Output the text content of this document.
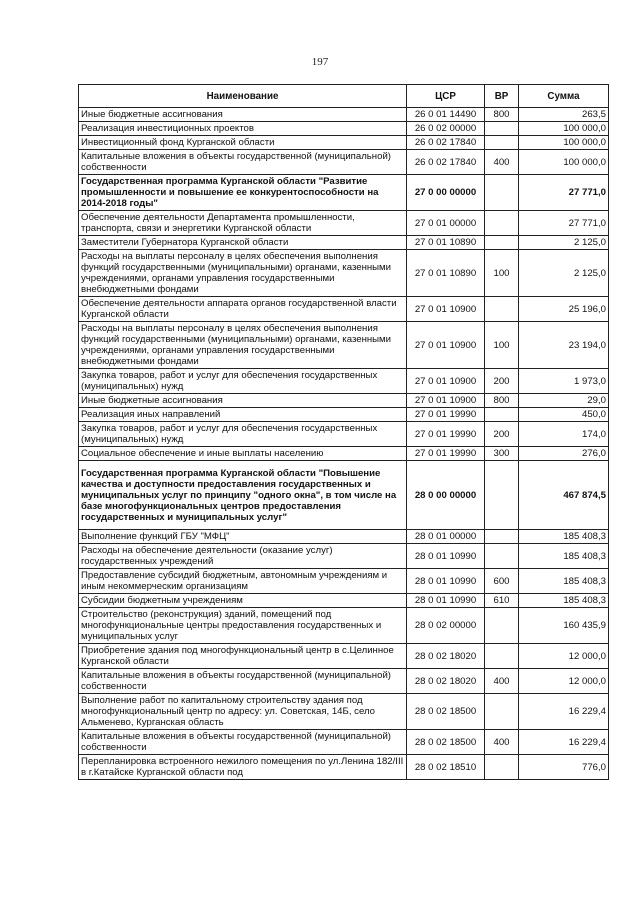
197
Наименование	ЦСР	ВР	Сумма
Иные бюджетные ассигнования	26 0 01 14490	800	263,5
Реализация инвестиционных проектов	26 0 02 00000		100 000,0
Инвестиционный фонд Курганской области	26 0 02 17840		100 000,0
Капитальные вложения в объекты государственной (муниципальной) собственности	26 0 02 17840	400	100 000,0
Государственная программа Курганской области "Развитие промышленности и повышение ее конкурентоспособности на 2014-2018 годы"	27 0 00 00000		27 771,0
Обеспечение деятельности Департамента промышленности, транспорта, связи и энергетики Курганской области	27 0 01 00000		27 771,0
Заместители Губернатора Курганской области	27 0 01 10890		2 125,0
Расходы на выплаты персоналу в целях обеспечения выполнения функций государственными (муниципальными) органами, казенными учреждениями, органами управления государственными внебюджетными фондами	27 0 01 10890	100	2 125,0
Обеспечение деятельности аппарата органов государственной власти Курганской области	27 0 01 10900		25 196,0
Расходы на выплаты персоналу в целях обеспечения выполнения функций государственными (муниципальными) органами, казенными учреждениями, органами управления государственными внебюджетными фондами	27 0 01 10900	100	23 194,0
Закупка товаров, работ и услуг для обеспечения государственных (муниципальных) нужд	27 0 01 10900	200	1 973,0
Иные бюджетные ассигнования	27 0 01 10900	800	29,0
Реализация иных направлений	27 0 01 19990		450,0
Закупка товаров, работ и услуг для обеспечения государственных (муниципальных) нужд	27 0 01 19990	200	174,0
Социальное обеспечение и иные выплаты населению	27 0 01 19990	300	276,0
Государственная программа Курганской области "Повышение качества и доступности предоставления государственных и муниципальных услуг по принципу "одного окна", в том числе на базе многофункциональных центров предоставления государственных и муниципальных услуг"	28 0 00 00000		467 874,5
Выполнение функций ГБУ "МФЦ"	28 0 01 00000		185 408,3
Расходы на обеспечение деятельности (оказание услуг) государственных учреждений	28 0 01 10990		185 408,3
Предоставление субсидий бюджетным, автономным учреждениям и иным некоммерческим организациям	28 0 01 10990	600	185 408,3
Субсидии бюджетным учреждениям	28 0 01 10990	610	185 408,3
Строительство (реконструкция) зданий, помещений под многофункциональные центры предоставления государственных и муниципальных услуг	28 0 02 00000		160 435,9
Приобретение здания под многофункциональный центр в с.Целинное Курганской области	28 0 02 18020		12 000,0
Капитальные вложения в объекты государственной (муниципальной) собственности	28 0 02 18020	400	12 000,0
Выполнение работ по капитальному строительству здания под многофункциональный центр по адресу: ул. Советская, 14Б, село Альменево, Курганская область	28 0 02 18500		16 229,4
Капитальные вложения в объекты государственной (муниципальной) собственности	28 0 02 18500	400	16 229,4
Перепланировка встроенного нежилого помещения по ул.Ленина 182/III в г.Катайске Курганской области под	28 0 02 18510		776,0
